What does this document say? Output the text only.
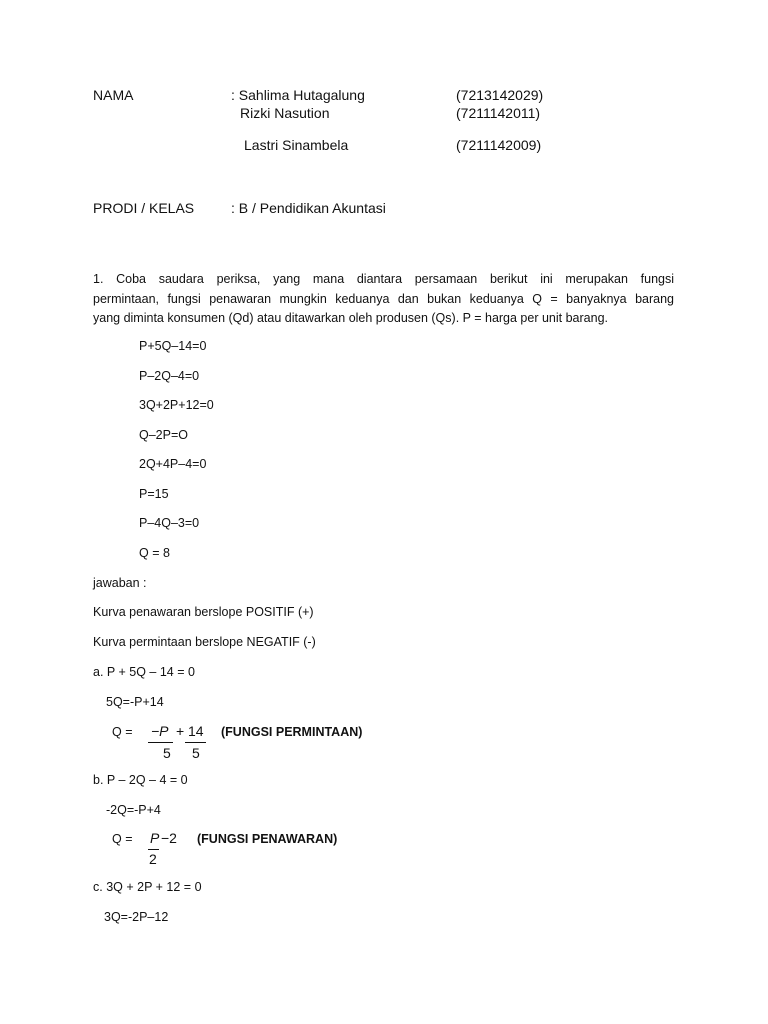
NAMA	: Sahlima Hutagalung	(7213142029)
Rizki Nasution	(7211142011)
Lastri Sinambela	(7211142009)
PRODI / KELAS	: B / Pendidikan Akuntasi
1. Coba saudara periksa, yang mana diantara persamaan berikut ini merupakan fungsi
permintaan, fungsi penawaran mungkin keduanya dan bukan keduanya Q = banyaknya barang
yang diminta konsumen (Qd) atau ditawarkan oleh produsen (Qs). P = harga per unit barang.
P+5Q–14=0
P–2Q–4=0
3Q+2P+12=0
Q–2P=O
2Q+4P–4=0
P=15
P–4Q–3=0
Q = 8
jawaban :
Kurva penawaran berslope POSITIF (+)
Kurva permintaan berslope NEGATIF (-)
a. P + 5Q – 14 = 0
5Q=-P+14
Q = −P + 14
5 5
(FUNGSI PERMINTAAN)
b. P – 2Q – 4 = 0
-2Q=-P+4
Q = P −2
2
(FUNGSI PENAWARAN)
c. 3Q + 2P + 12 = 0
3Q=-2P–12
